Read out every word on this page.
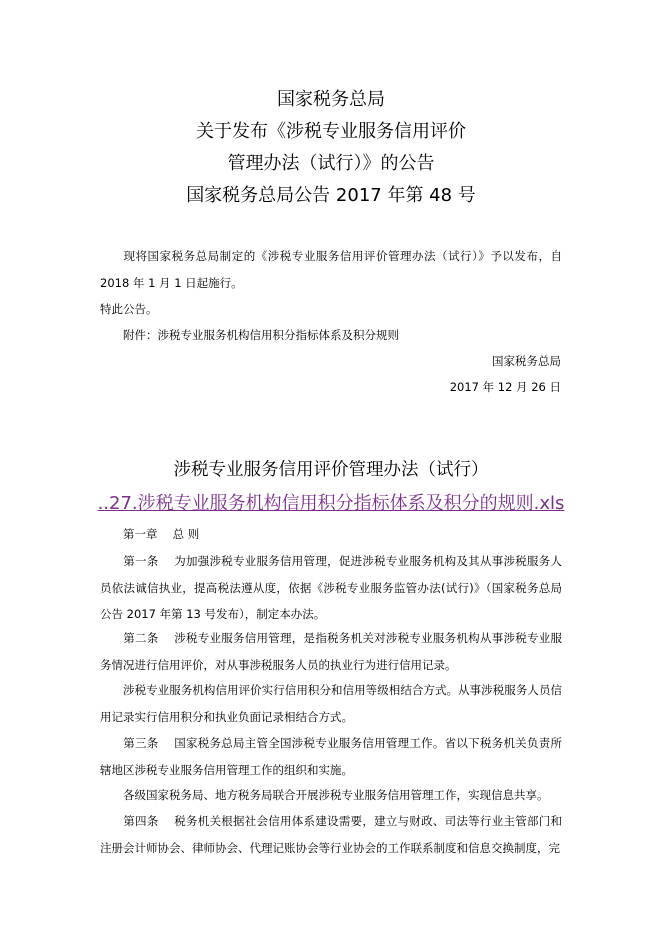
国家税务总局
关于发布《涉税专业服务信用评价
管理办法（试行）》的公告
国家税务总局公告 2017 年第 48 号
现将国家税务总局制定的《涉税专业服务信用评价管理办法（试行）》予以发布，自 2018 年 1 月 1 日起施行。
特此公告。
附件：涉税专业服务机构信用积分指标体系及积分规则
国家税务总局
2017 年 12 月 26 日
涉税专业服务信用评价管理办法（试行）
..27.涉税专业服务机构信用积分指标体系及积分的规则.xls
第一章　 总 则
第一条　 为加强涉税专业服务信用管理，促进涉税专业服务机构及其从事涉税服务人员依法诚信执业，提高税法遵从度，依据《涉税专业服务监管办法(试行)》（国家税务总局公告 2017 年第 13 号发布），制定本办法。
第二条　 涉税专业服务信用管理，是指税务机关对涉税专业服务机构从事涉税专业服务情况进行信用评价，对从事涉税服务人员的执业行为进行信用记录。
涉税专业服务机构信用评价实行信用积分和信用等级相结合方式。从事涉税服务人员信用记录实行信用积分和执业负面记录相结合方式。
第三条　 国家税务总局主管全国涉税专业服务信用管理工作。省以下税务机关负责所辖地区涉税专业服务信用管理工作的组织和实施。
各级国家税务局、地方税务局联合开展涉税专业服务信用管理工作，实现信息共享。
第四条　 税务机关根据社会信用体系建设需要，建立与财政、司法等行业主管部门和注册会计师协会、律师协会、代理记账协会等行业协会的工作联系制度和信息交换制度，完
